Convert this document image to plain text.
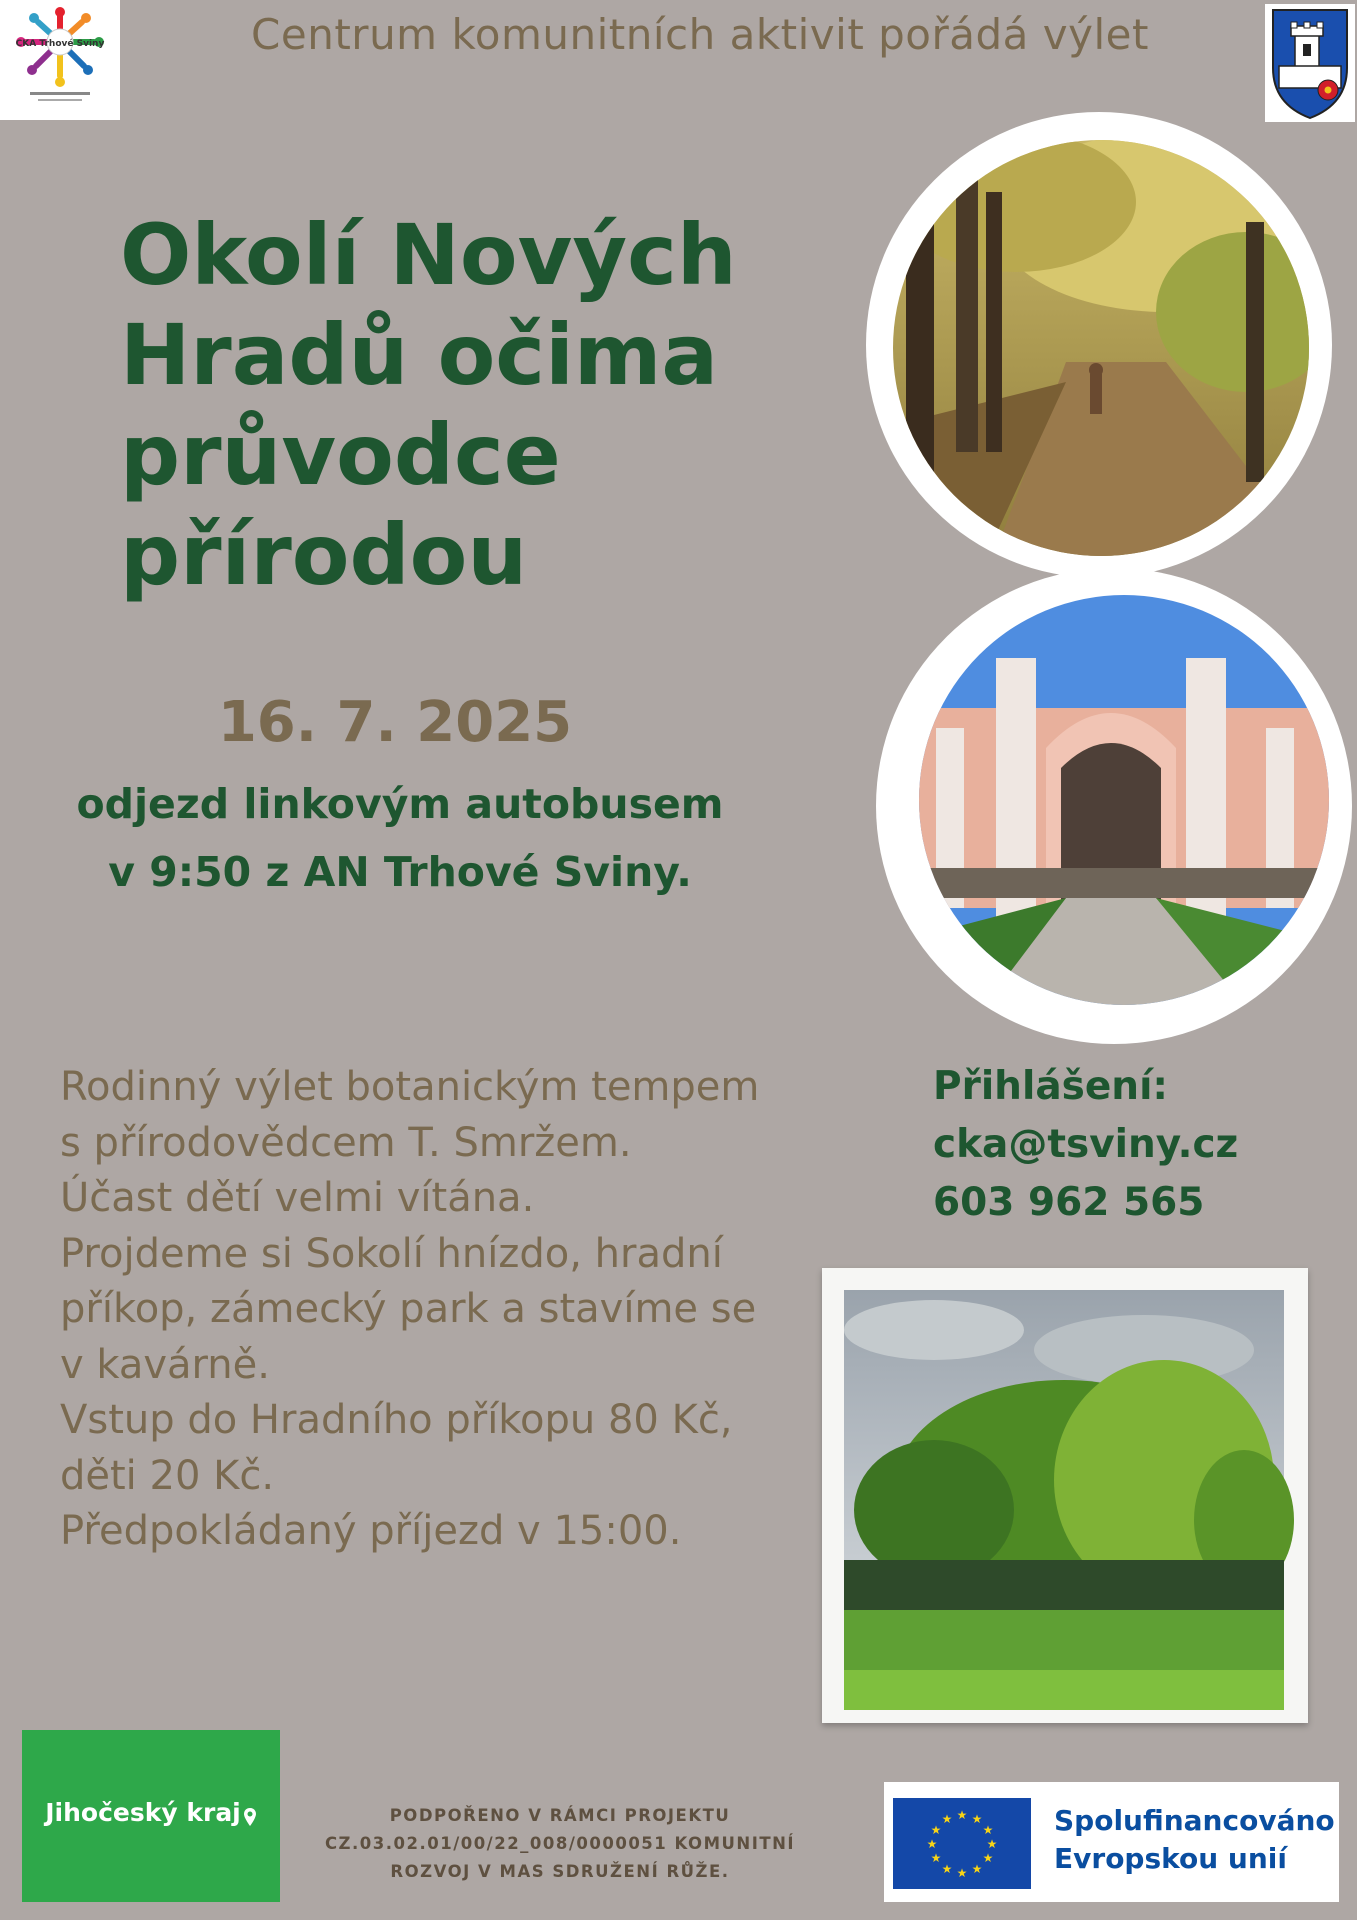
CKA Trhové Sviny	Centrum komunitních aktivit pořádá výlet
Okolí Nových
Hradů očima
průvodce
přírodou
16. 7. 2025
odjezd linkovým autobusem
v 9:50 z AN Trhové Sviny.
Rodinný výlet botanickým tempem
s přírodovědcem T. Smržem.
Účast dětí velmi vítána.
Projdeme si Sokolí hnízdo, hradní
příkop, zámecký park a stavíme se
v kavárně.
Vstup do Hradního příkopu 80 Kč,
děti 20 Kč.
Předpokládaný příjezd v 15:00.
Přihlášení:
cka@tsviny.cz
603 962 565
Jihočeský kraj	PODPOŘENO V RÁMCI PROJEKTU
CZ.03.02.01/00/22_008/0000051 KOMUNITNÍ
ROZVOJ V MAS SDRUŽENÍ RŮŽE.
★ ★
★
★
★
★
★
★
★
★
★
★	Spolufinancováno
Evropskou unií
